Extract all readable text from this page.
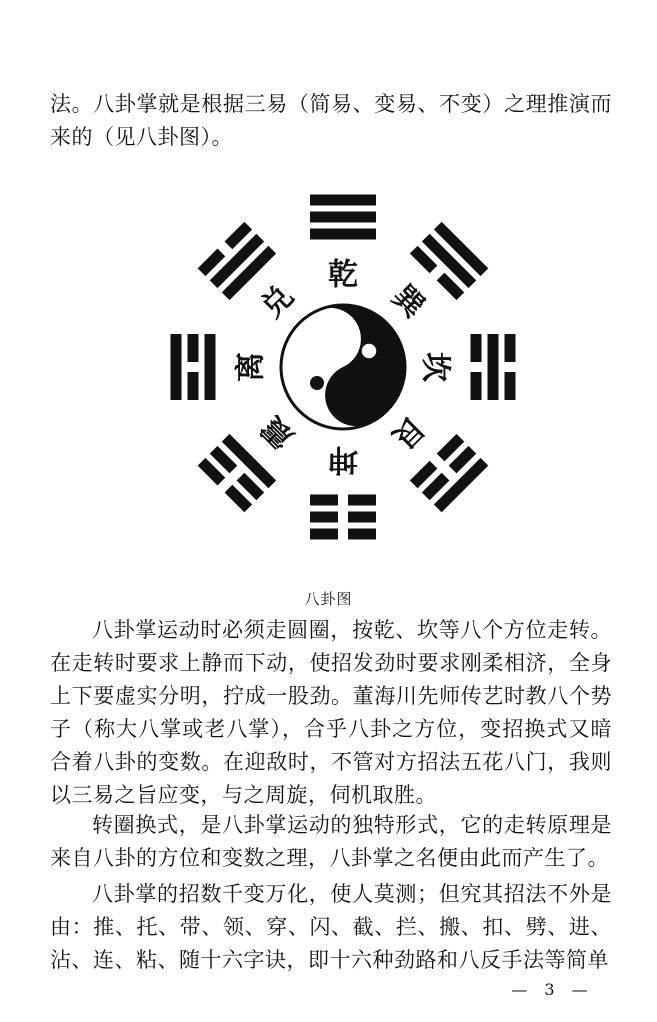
法。八卦掌就是根据三易（简易、变易、不变）之理推演而来的（见八卦图）。

乾
巽
坎
艮
坤
震
离
兑
八卦图

八卦掌运动时必须走圆圈，按乾、坎等八个方位走转。在走转时要求上静而下动，使招发劲时要求刚柔相济，全身上下要虚实分明，拧成一股劲。董海川先师传艺时教八个势子（称大八掌或老八掌），合乎八卦之方位，变招换式又暗合着八卦的变数。在迎敌时，不管对方招法五花八门，我则以三易之旨应变，与之周旋，伺机取胜。

转圈换式，是八卦掌运动的独特形式，它的走转原理是来自八卦的方位和变数之理，八卦掌之名便由此而产生了。

八卦掌的招数千变万化，使人莫测；但究其招法不外是由：推、托、带、领、穿、闪、截、拦、搬、扣、劈、进、沾、连、粘、随十六字诀，即十六种劲路和八反手法等简单

— 3 —
